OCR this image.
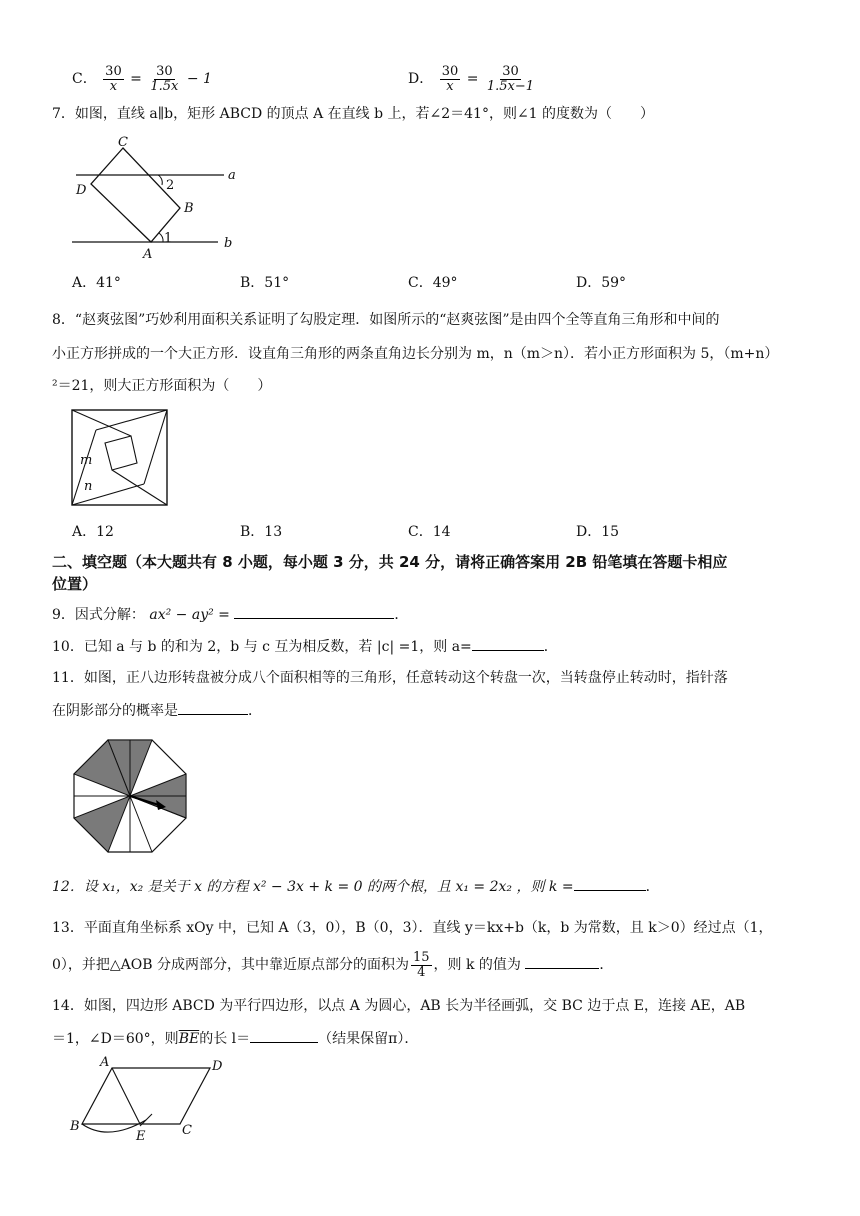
C． $\frac{30}{x} = \frac{30}{1.5x} - 1$	D． $\frac{30}{x} = \frac{30}{1.5x-1}$
7．如图，直线 a∥b，矩形 ABCD 的顶点 A 在直线 b 上，若∠2＝41°，则∠1 的度数为（　　）
C
D
B
A
a
b
2
1
A．41°	B．51°	C．49°	D．59°
8．“赵爽弦图”巧妙利用面积关系证明了勾股定理．如图所示的“赵爽弦图”是由四个全等直角三角形和中间的
小正方形拼成的一个大正方形．设直角三角形的两条直角边长分别为 m，n（m＞n）．若小正方形面积为 5，（m+n）
²＝21，则大正方形面积为（　　）
m
n
A．12	B．13	C．14	D．15
二、填空题（本大题共有 8 小题，每小题 3 分，共 24 分，请将正确答案用 2B 铅笔填在答题卡相应
位置）
9．因式分解： ax² − ay² =	．
10．已知 a 与 b 的和为 2，b 与 c 互为相反数，若 |c| =1，则 a=	．
11．如图，正八边形转盘被分成八个面积相等的三角形，任意转动这个转盘一次，当转盘停止转动时，指针落
在阴影部分的概率是	．
12．设 x₁，x₂ 是关于 x 的方程 x² − 3x + k = 0 的两个根，且 x₁ = 2x₂ ，则 k =	．
13．平面直角坐标系 xOy 中，已知 A（3，0），B（0，3）．直线 y＝kx+b（k，b 为常数，且 k＞0）经过点（1，
0），并把△AOB 分成两部分，其中靠近原点部分的面积为 $\frac{15}{4}$ ，则 k 的值为	．
14．如图，四边形 ABCD 为平行四边形，以点 A 为圆心，AB 长为半径画弧，交 BC 边于点 E，连接 AE，AB
＝1，∠D＝60°，则$\overline{BE}$的长 l＝	（结果保留π）．
A	D
B
E	C
